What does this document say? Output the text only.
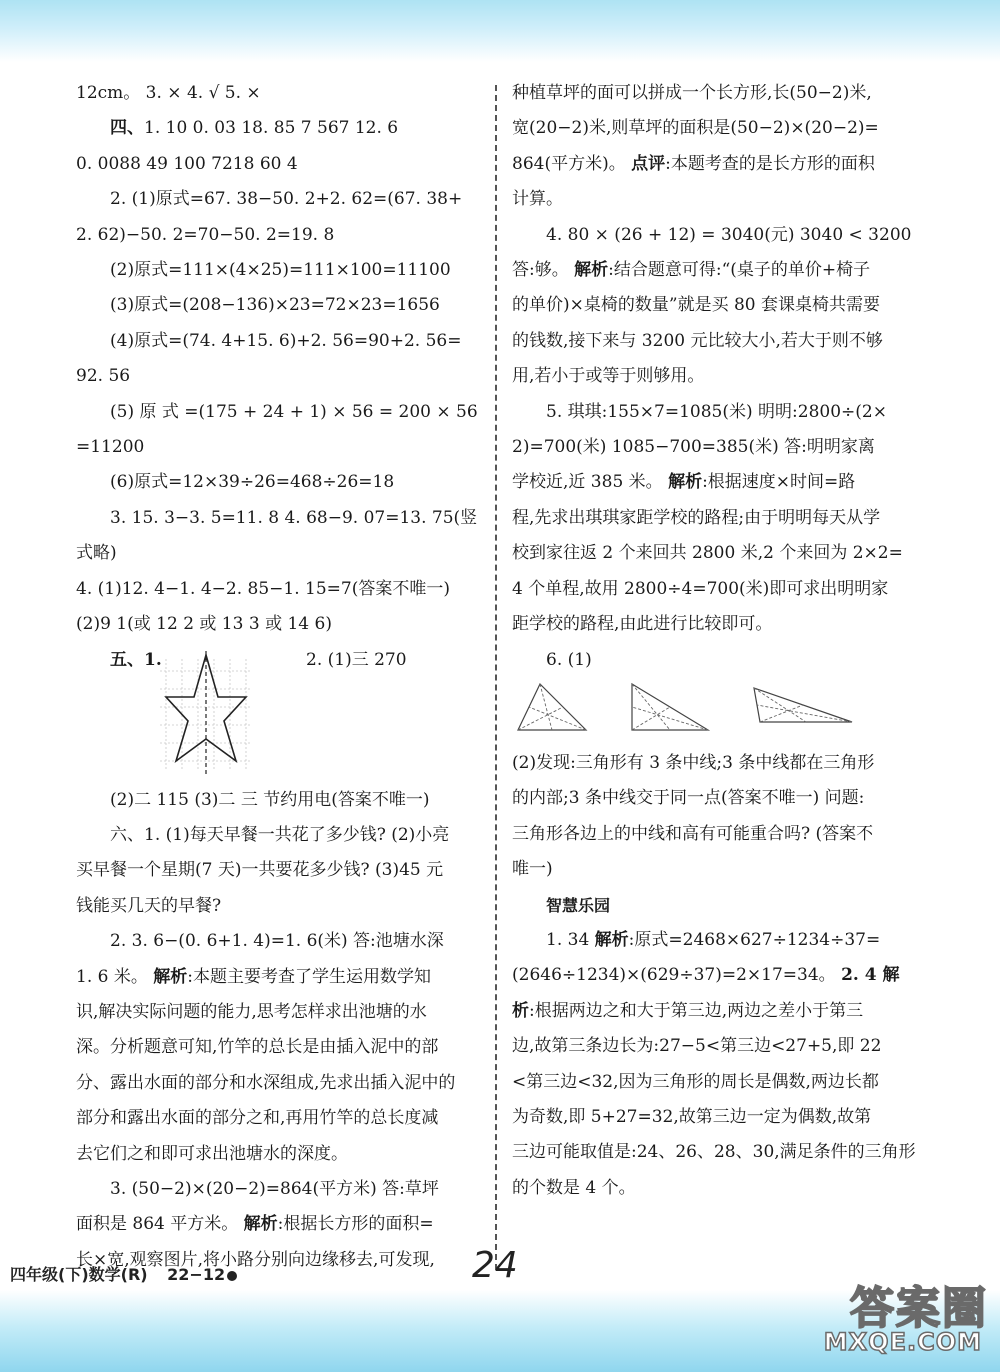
12cm。 3. × 4. √ 5. ×

四、1. 10 0. 03 18. 85 7 567 12. 6

0. 0088 49 100 7218 60 4

2. (1)原式=67. 38−50. 2+2. 62=(67. 38+

2. 62)−50. 2=70−50. 2=19. 8

(2)原式=111×(4×25)=111×100=11100

(3)原式=(208−136)×23=72×23=1656

(4)原式=(74. 4+15. 6)+2. 56=90+2. 56=

92. 56

(5) 原 式 =(175 + 24 + 1) × 56 = 200 × 56

=11200

(6)原式=12×39÷26=468÷26=18

3. 15. 3−3. 5=11. 8 4. 68−9. 07=13. 75(竖

式略)

4. (1)12. 4−1. 4−2. 85−1. 15=7(答案不唯一)

(2)9 1(或 12 2 或 13 3 或 14 6)

五、1.	2. (1)三 270

(2)二 115 (3)二 三 节约用电(答案不唯一)

六、1. (1)每天早餐一共花了多少钱? (2)小亮

买早餐一个星期(7 天)一共要花多少钱? (3)45 元

钱能买几天的早餐?

2. 3. 6−(0. 6+1. 4)=1. 6(米) 答:池塘水深

1. 6 米。 解析:本题主要考查了学生运用数学知

识,解决实际问题的能力,思考怎样求出池塘的水

深。分析题意可知,竹竿的总长是由插入泥中的部

分、露出水面的部分和水深组成,先求出插入泥中的

部分和露出水面的部分之和,再用竹竿的总长度减

去它们之和即可求出池塘水的深度。

3. (50−2)×(20−2)=864(平方米) 答:草坪

面积是 864 平方米。 解析:根据长方形的面积=

长×宽,观察图片,将小路分别向边缘移去,可发现,

种植草坪的面可以拼成一个长方形,长(50−2)米,

宽(20−2)米,则草坪的面积是(50−2)×(20−2)=

864(平方米)。 点评:本题考查的是长方形的面积

计算。

4. 80 × (26 + 12) = 3040(元) 3040 < 3200

答:够。 解析:结合题意可得:“(桌子的单价+椅子

的单价)×桌椅的数量”就是买 80 套课桌椅共需要

的钱数,接下来与 3200 元比较大小,若大于则不够

用,若小于或等于则够用。

5. 琪琪:155×7=1085(米) 明明:2800÷(2×

2)=700(米) 1085−700=385(米) 答:明明家离

学校近,近 385 米。 解析:根据速度×时间=路

程,先求出琪琪家距学校的路程;由于明明每天从学

校到家往返 2 个来回共 2800 米,2 个来回为 2×2=

4 个单程,故用 2800÷4=700(米)即可求出明明家

距学校的路程,由此进行比较即可。

6. (1)

(2)发现:三角形有 3 条中线;3 条中线都在三角形

的内部;3 条中线交于同一点(答案不唯一) 问题:

三角形各边上的中线和高有可能重合吗? (答案不

唯一)

智慧乐园

1. 34 解析:原式=2468×627÷1234÷37=

(2646÷1234)×(629÷37)=2×17=34。 2. 4 解

析:根据两边之和大于第三边,两边之差小于第三

边,故第三条边长为:27−5<第三边<27+5,即 22

<第三边<32,因为三角形的周长是偶数,两边长都

为奇数,即 5+27=32,故第三边一定为偶数,故第

三边可能取值是:24、26、28、30,满足条件的三角形

的个数是 4 个。

四年级(下)数学(R) 22−12	24
答案圈
MXQE.COM
